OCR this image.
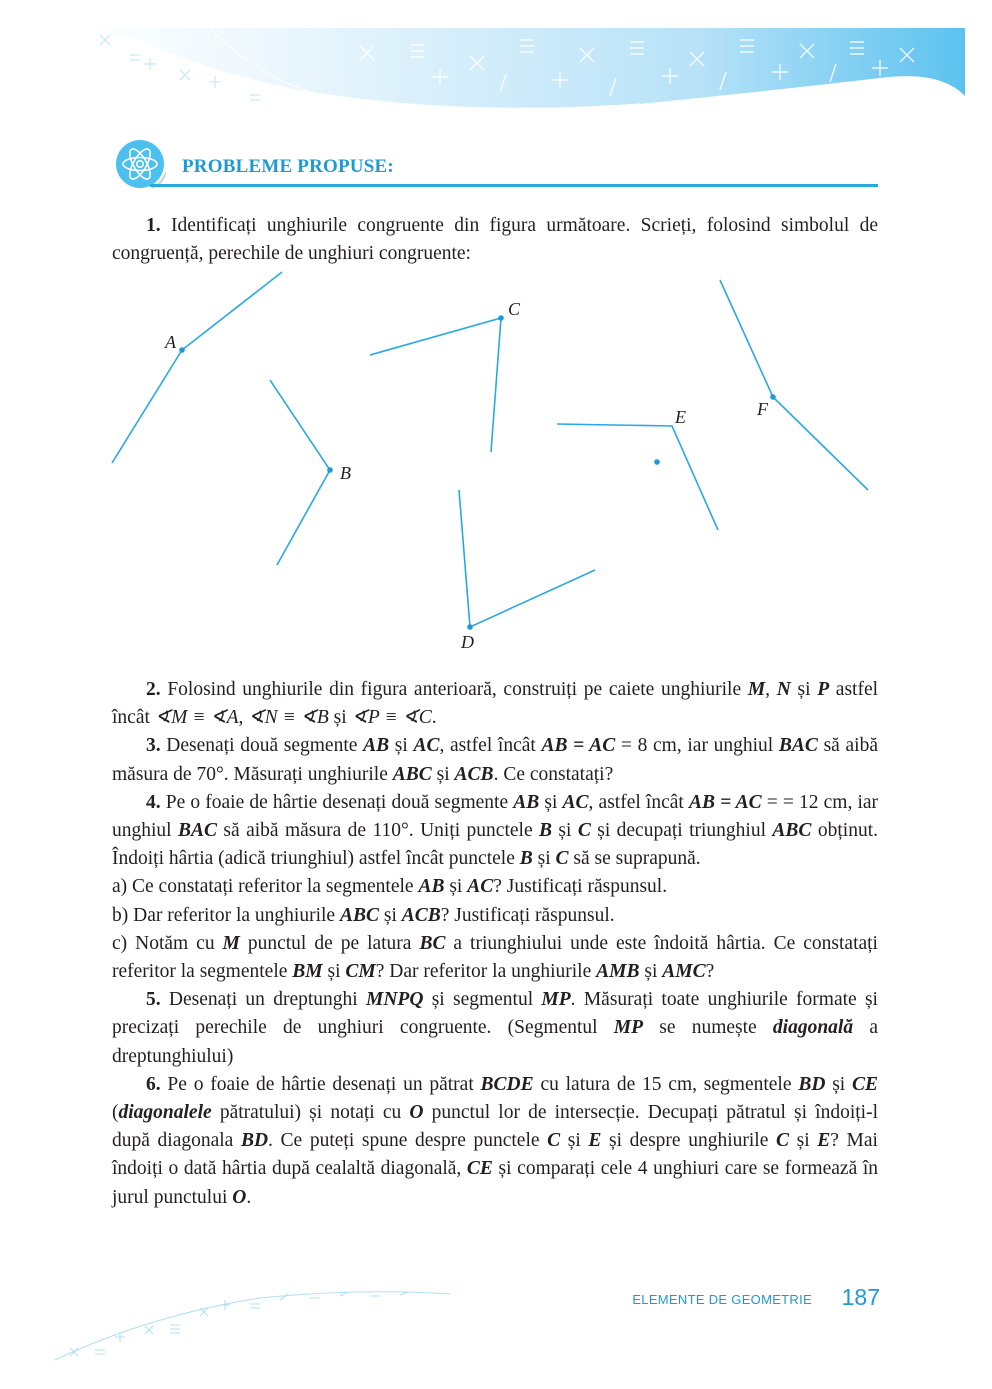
PROBLEME PROPUSE:

1. Identificați unghiurile congruente din figura următoare. Scrieți, folosind simbolul de congruență, perechile de unghiuri congruente:

A
B
C
D
E	F

2. Folosind unghiurile din figura anterioară, construiți pe caiete unghiurile M, N și P astfel încât ∢M ≡ ∢A, ∢N ≡ ∢B și ∢P ≡ ∢C.

3. Desenați două segmente AB și AC, astfel încât AB = AC = 8 cm, iar unghiul BAC să aibă măsura de 70°. Măsurați unghiurile ABC și ACB. Ce constatați?

4. Pe o foaie de hârtie desenați două segmente AB și AC, astfel încât AB = AC = = 12 cm, iar unghiul BAC să aibă măsura de 110°. Uniți punctele B și C și decupați triunghiul ABC obținut. Îndoiți hârtia (adică triunghiul) astfel încât punctele B și C să se suprapună.

a) Ce constatați referitor la segmentele AB și AC? Justificați răspunsul.

b) Dar referitor la unghiurile ABC și ACB? Justificați răspunsul.

c) Notăm cu M punctul de pe latura BC a triunghiului unde este îndoită hârtia. Ce constatați referitor la segmentele BM și CM? Dar referitor la unghiurile AMB și AMC?

5. Desenați un dreptunghi MNPQ și segmentul MP. Măsurați toate unghiurile formate și precizați perechile de unghiuri congruente. (Segmentul MP se numește diagonală a dreptunghiului)

6. Pe o foaie de hârtie desenați un pătrat BCDE cu latura de 15 cm, segmentele BD și CE (diagonalele pătratului) și notați cu O punctul lor de intersecție. Decupați pătratul și îndoiți-l după diagonala BD. Ce puteți spune despre punctele C și E și despre unghiurile C și E? Mai îndoiți o dată hârtia după cealaltă diagonală, CE și comparați cele 4 unghiuri care se formează în jurul punctului O.

ELEMENTE DE GEOMETRIE 187
